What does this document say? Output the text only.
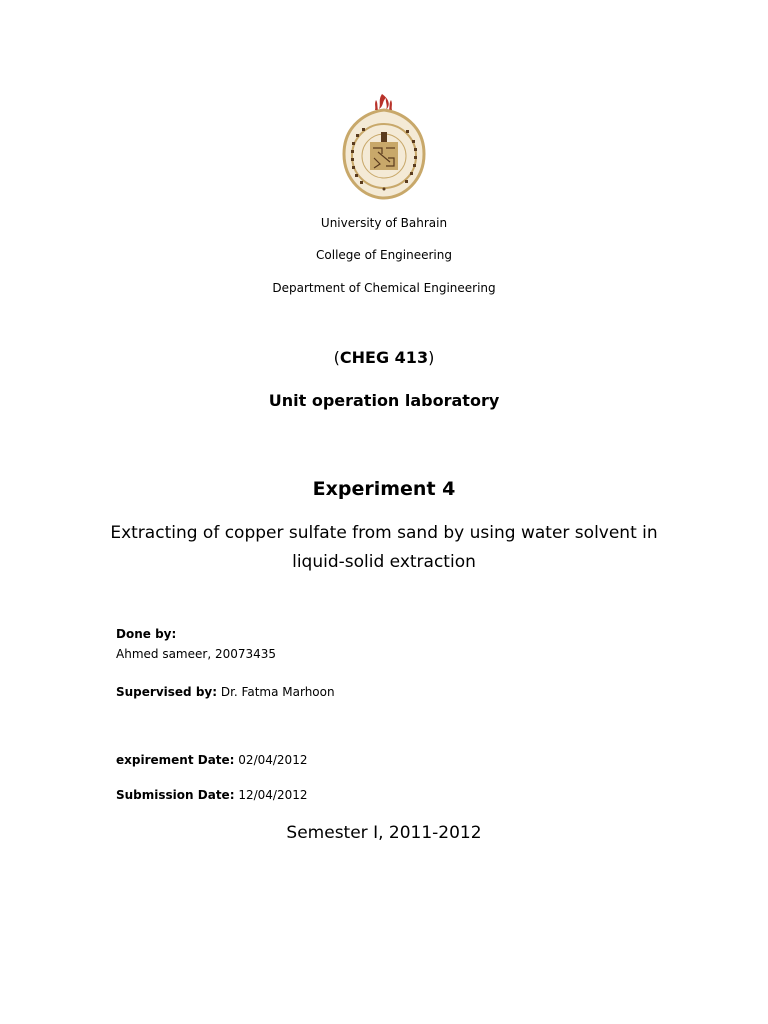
University of Bahrain
College of Engineering
Department of Chemical Engineering
(CHEG 413)
Unit operation laboratory
Experiment 4
Extracting of copper sulfate from sand by using water solvent in
liquid-solid extraction
Done by:
Ahmed sameer, 20073435
Supervised by: Dr. Fatma Marhoon
expirement Date: 02/04/2012
Submission Date: 12/04/2012
Semester I, 2011-2012
